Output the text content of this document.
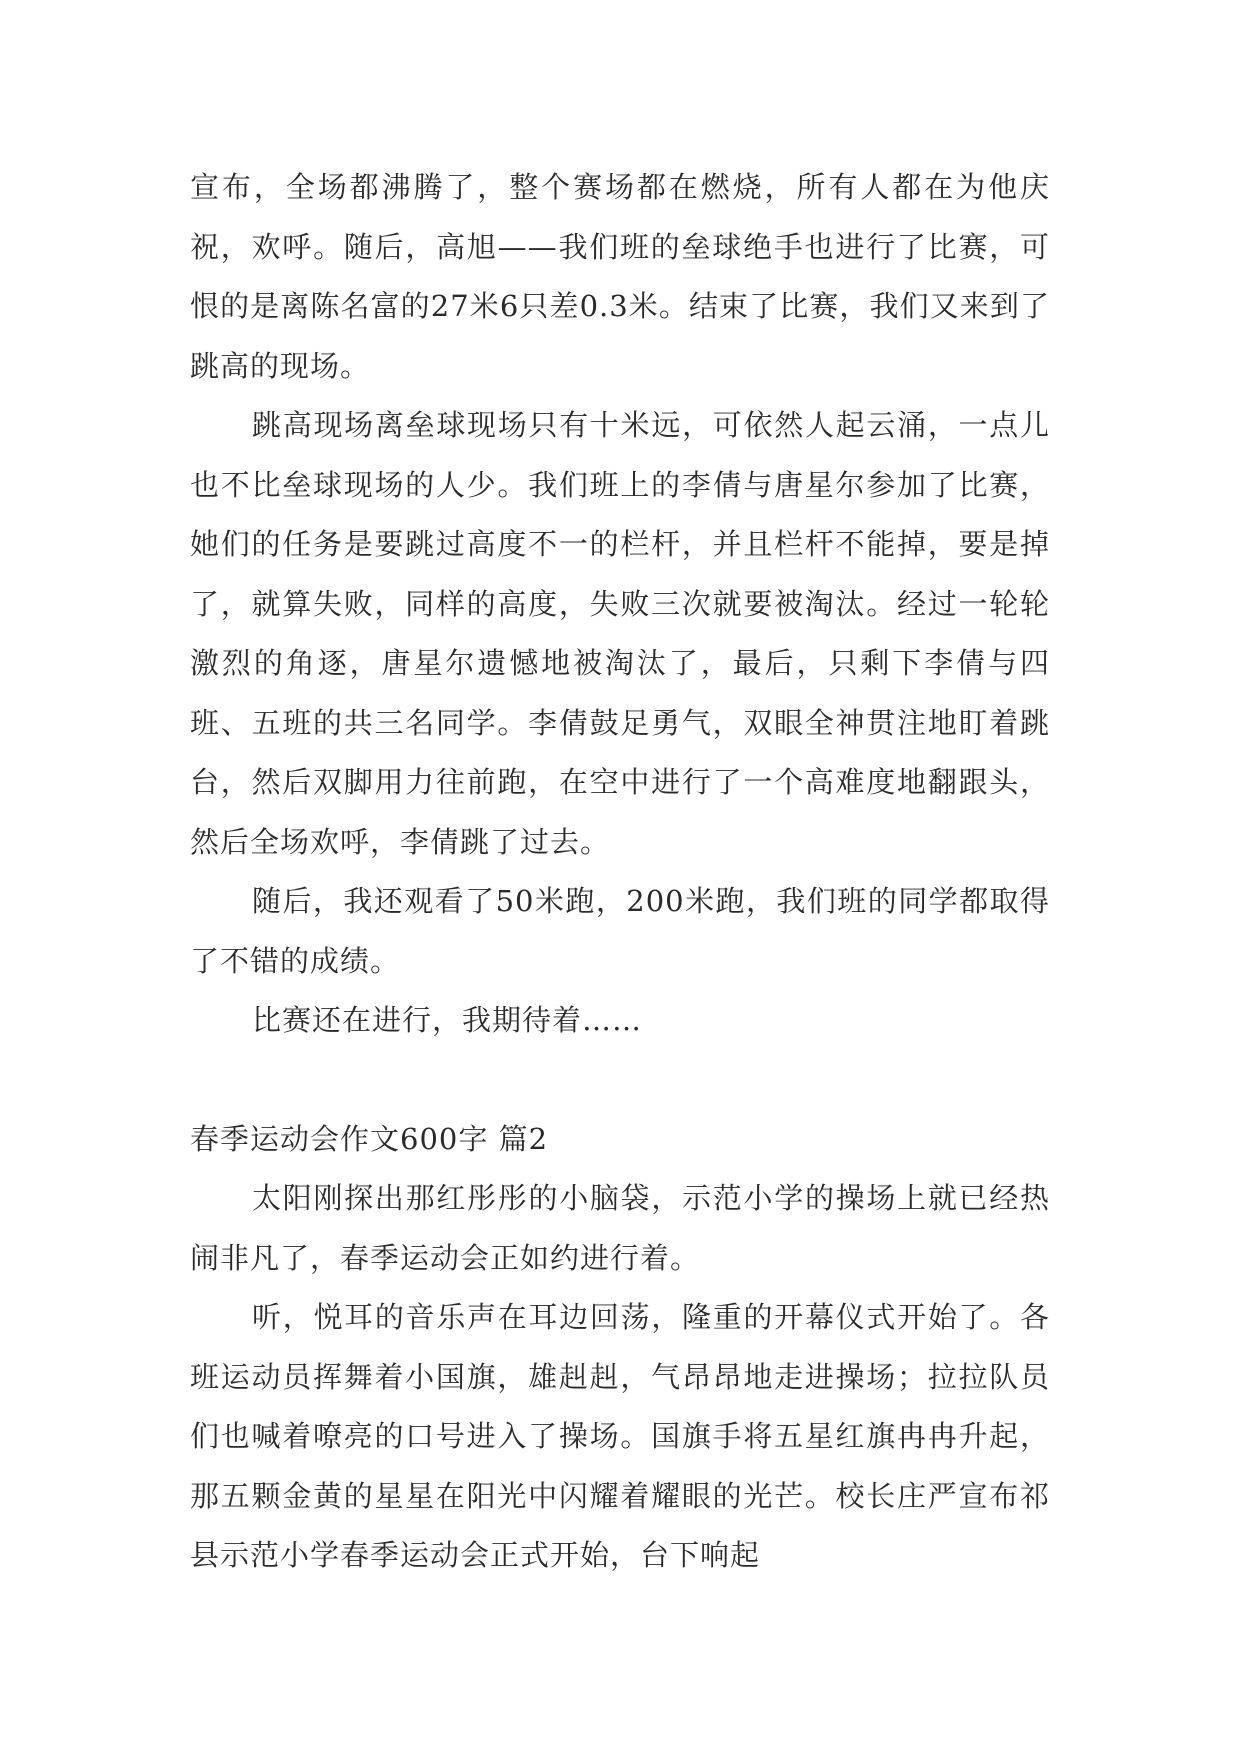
宣布，全场都沸腾了，整个赛场都在燃烧，所有人都在为他庆祝，欢呼。随后，高旭——我们班的垒球绝手也进行了比赛，可恨的是离陈名富的27米6只差0.3米。结束了比赛，我们又来到了跳高的现场。

跳高现场离垒球现场只有十米远，可依然人起云涌，一点儿也不比垒球现场的人少。我们班上的李倩与唐星尔参加了比赛，她们的任务是要跳过高度不一的栏杆，并且栏杆不能掉，要是掉了，就算失败，同样的高度，失败三次就要被淘汰。经过一轮轮激烈的角逐，唐星尔遗憾地被淘汰了，最后，只剩下李倩与四班、五班的共三名同学。李倩鼓足勇气，双眼全神贯注地盯着跳台，然后双脚用力往前跑，在空中进行了一个高难度地翻跟头，然后全场欢呼，李倩跳了过去。

随后，我还观看了50米跑，200米跑，我们班的同学都取得了不错的成绩。

比赛还在进行，我期待着……

春季运动会作文600字 篇2

太阳刚探出那红彤彤的小脑袋，示范小学的操场上就已经热闹非凡了，春季运动会正如约进行着。

听，悦耳的音乐声在耳边回荡，隆重的开幕仪式开始了。各班运动员挥舞着小国旗，雄赳赳，气昂昂地走进操场；拉拉队员们也喊着嘹亮的口号进入了操场。国旗手将五星红旗冉冉升起，那五颗金黄的星星在阳光中闪耀着耀眼的光芒。校长庄严宣布祁县示范小学春季运动会正式开始，台下响起
